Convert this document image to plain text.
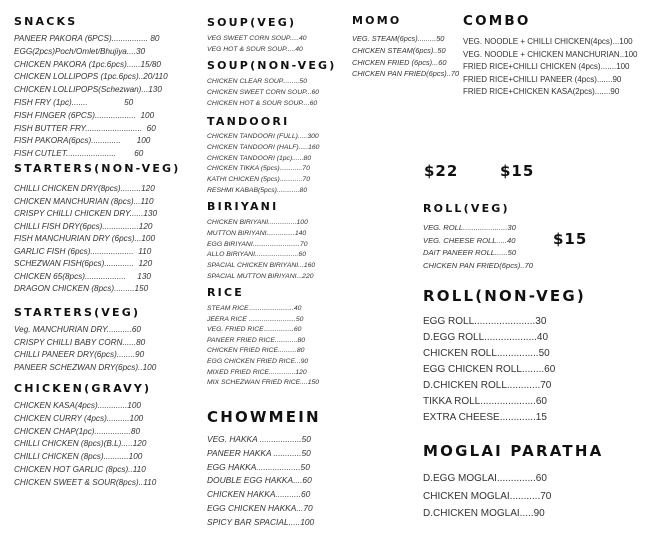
SNACKS
PANEER PAKORA (6PCS)................ 80
EGG(2pcs)Poch/Omlet/Bhujiya....30
CHICKEN PAKORA (1pc.6pcs)......15/80
CHICKEN LOLLIPOPS (1pc.6pcs)..20/110
CHICKEN LOLLIPOPS(Schezwan)...130
FISH FRY (1pc).......                50
FISH FINGER (6PCS)..................  100
FISH BUTTER FRY.........................  60
FISH PAKORA(6pcs).............       100
FISH CUTLET......................        60
STARTERS(NON-VEG)
CHILLI CHICKEN DRY(8pcs).........120
CHICKEN MANCHURIAN (8pcs)...110
CRISPY CHILLI CHICKEN DRY......130
CHILLI FISH DRY(6pcs)................120
FISH MANCHURIAN DRY (6pcs)...100
GARLIC FISH (6pcs)...................  110
SCHEZWAN FISH(6pcs).............  120
CHICKEN 65(8pcs)..................     130
DRAGON CHICKEN (8pcs).........150
STARTERS(VEG)
Veg. MANCHURIAN DRY...........60
CRISPY CHILLI BABY CORN......80
CHILLI PANEER DRY(6pcs)........90
PANEER SCHEZWAN DRY(6pcs)..100
CHICKEN(GRAVY)
CHICKEN KASA(4pcs).............100
CHICKEN CURRY (4pcs)..........100
CHICKEN CHAP(1pc)................80
CHILLI CHICKEN (8pcs)(B.L).....120
CHILLI CHICKEN (8pcs)...........100
CHICKEN HOT GARLIC (8pcs)..110
CHICKEN SWEET & SOUR(8pcs)..110
SOUP(VEG)
VEG SWEET CORN SOUP.....40
VEG HOT & SOUR SOUP.....40
SOUP(NON-VEG)
CHICKEN CLEAR SOUP.........50
CHICKEN SWEET CORN SOUP...60
CHICKEN HOT & SOUR SOUP....60
TANDOORI
CHICKEN TANDOORI (FULL).....300
CHICKEN TANDOORI (HALF).....160
CHICKEN TANDOORI (1pc)......80
CHICKEN TIKKA (5pcs)............70
KATHI CHICKEN (5pcs)............70
RESHMI KABAB(5pcs)............80
BIRIYANI
CHICKEN BIRIYANI...............100
MUTTON BIRIYANI...............140
EGG BIRIYANI.........................70
ALLO BIRIYANI.......................60
SPACIAL CHICKEN BIRIYANI...160
SPACIAL MUTTON BIRIYANI...220
RICE
STEAM RICE........................40
JEERA RICE .........................50
VEG. FRIED RICE................60
PANEER FRIED RICE............80
CHICKEN FRIED RICE..........80
EGG CHICKEN FRIED RICE...90
MIXED FRIED RICE..............120
MIX SCHEZWAN FRIED RICE....150
CHOWMEIN
VEG. HAKKA ..................50
PANEER HAKKA ............50
EGG HAKKA...................50
DOUBLE EGG HAKKA....60
CHICKEN HAKKA...........60
EGG CHICKEN HAKKA...70
SPICY BAR SPACIAL.....100
MOMO
VEG. STEAM(6pcs).........50
CHICKEN STEAM(6pcs)..50
CHICKEN FRIED (6pcs)...60
CHICKEN PAN FRIED(6pcs)..70
COMBO
VEG. NOODLE + CHILLI CHICKEN(4pcs)...100
VEG. NOODLE + CHICKEN MANCHURIAN..100
FRIED RICE+CHILLI CHICKEN (4pcs).......100
FRIED RICE+CHILLI PANEER (4pcs).......90
FRIED RICE+CHICKEN KASA(2pcs).......90
ROLL(VEG)
VEG. ROLL.....................30
VEG. CHEESE ROLL.....40
DAIT PANEER ROLL......50
CHICKEN PAN FRIED(6pcs)..70
ROLL(NON-VEG)
EGG ROLL......................30
D.EGG ROLL...................40
CHICKEN ROLL...............50
EGG CHICKEN ROLL........60
D.CHICKEN ROLL............70
TIKKA ROLL....................60
EXTRA CHEESE.............15
MOGLAI PARATHA
D.EGG MOGLAI..............60
CHICKEN MOGLAI...........70
D.CHICKEN MOGLAI.....90
$22	$15
$15
